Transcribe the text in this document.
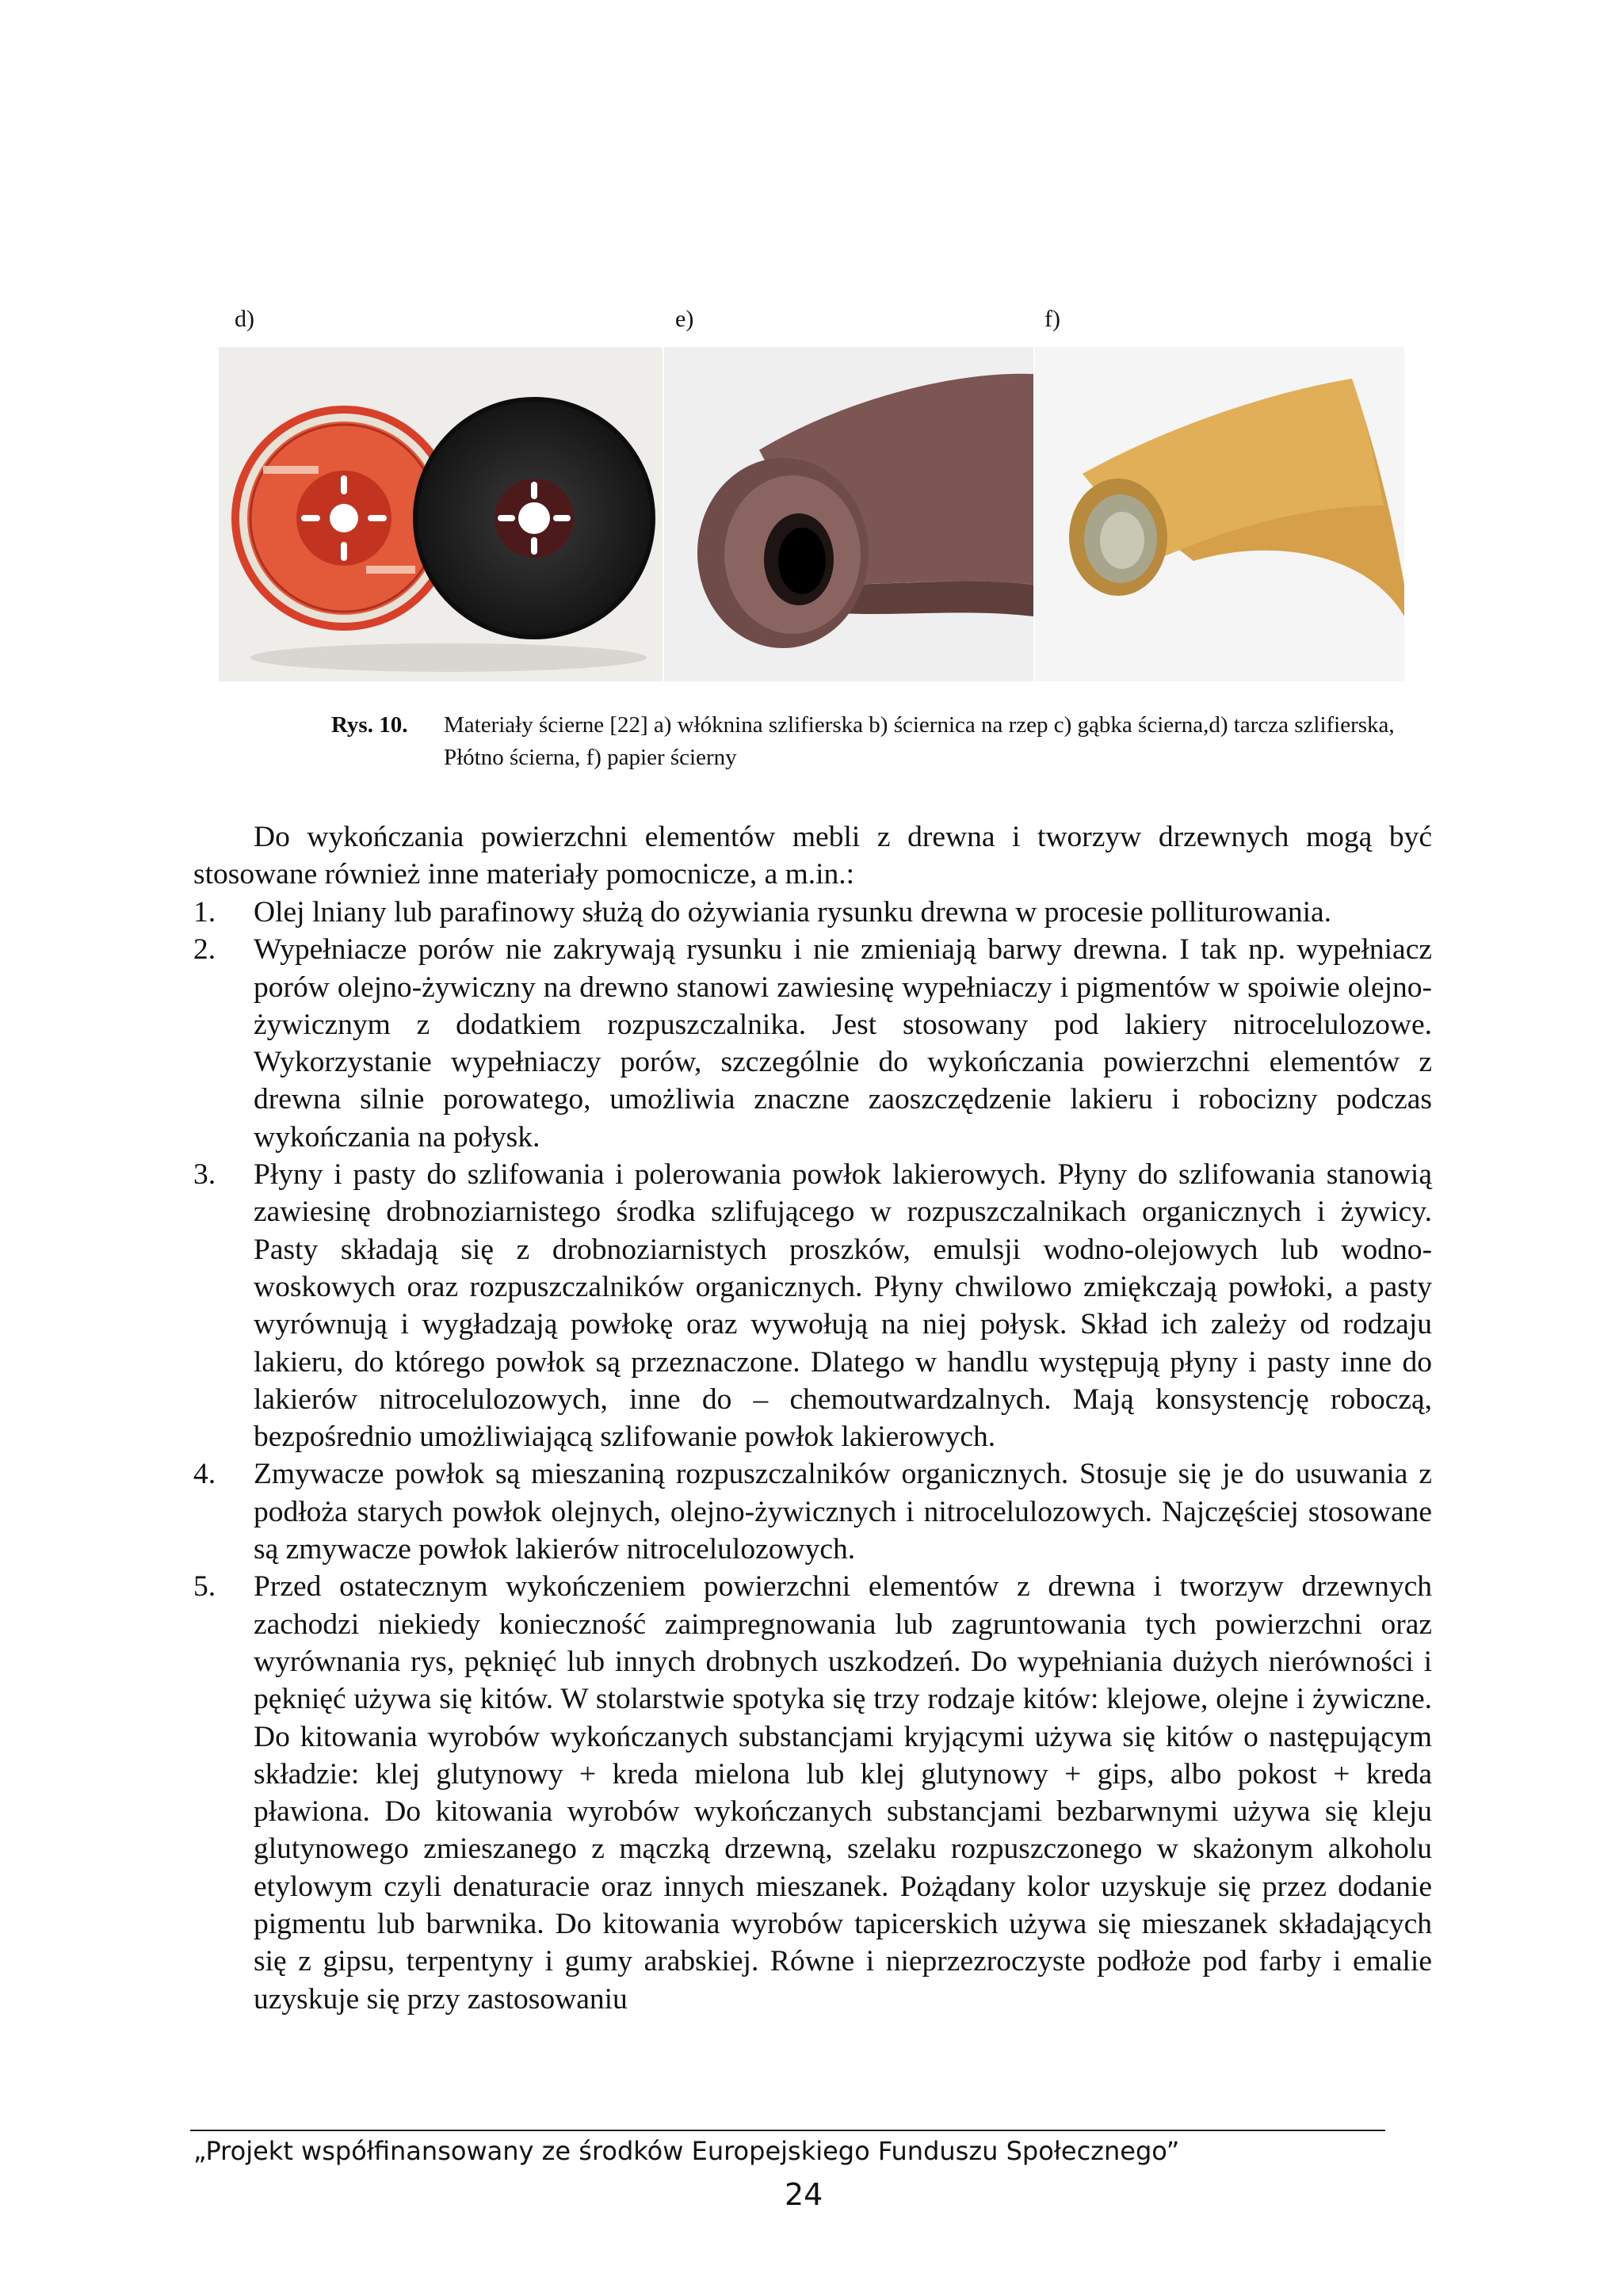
d)	e)	f)
Rys. 10. Materiały ścierne [22] a) włóknina szlifierska b) ściernica na rzep c) gąbka ścierna,d) tarcza szlifierska, Płótno ścierna, f) papier ścierny
Do wykończania powierzchni elementów mebli z drewna i tworzyw drzewnych mogą być stosowane również inne materiały pomocnicze, a m.in.:
1. Olej lniany lub parafinowy służą do ożywiania rysunku drewna w procesie polliturowania.
2. Wypełniacze porów nie zakrywają rysunku i nie zmieniają barwy drewna. I tak np. wypełniacz porów olejno-żywiczny na drewno stanowi zawiesinę wypełniaczy i pigmentów w spoiwie olejno-żywicznym z dodatkiem rozpuszczalnika. Jest stosowany pod lakiery nitrocelulozowe. Wykorzystanie wypełniaczy porów, szczególnie do wykończania powierzchni elementów z drewna silnie porowatego, umożliwia znaczne zaoszczędzenie lakieru i robocizny podczas wykończania na połysk.
3. Płyny i pasty do szlifowania i polerowania powłok lakierowych. Płyny do szlifowania stanowią zawiesinę drobnoziarnistego środka szlifującego w rozpuszczalnikach organicznych i żywicy. Pasty składają się z drobnoziarnistych proszków, emulsji wodno-olejowych lub wodno-woskowych oraz rozpuszczalników organicznych. Płyny chwilowo zmiękczają powłoki, a pasty wyrównują i wygładzają powłokę oraz wywołują na niej połysk. Skład ich zależy od rodzaju lakieru, do którego powłok są przeznaczone. Dlatego w handlu występują płyny i pasty inne do lakierów nitrocelulozowych, inne do – chemoutwardzalnych. Mają konsystencję roboczą, bezpośrednio umożliwiającą szlifowanie powłok lakierowych.
4. Zmywacze powłok są mieszaniną rozpuszczalników organicznych. Stosuje się je do usuwania z podłoża starych powłok olejnych, olejno-żywicznych i nitrocelulozowych. Najczęściej stosowane są zmywacze powłok lakierów nitrocelulozowych.
5. Przed ostatecznym wykończeniem powierzchni elementów z drewna i tworzyw drzewnych zachodzi niekiedy konieczność zaimpregnowania lub zagruntowania tych powierzchni oraz wyrównania rys, pęknięć lub innych drobnych uszkodzeń. Do wypełniania dużych nierówności i pęknięć używa się kitów. W stolarstwie spotyka się trzy rodzaje kitów: klejowe, olejne i żywiczne. Do kitowania wyrobów wykończanych substancjami kryjącymi używa się kitów o następującym składzie: klej glutynowy + kreda mielona lub klej glutynowy + gips, albo pokost + kreda pławiona. Do kitowania wyrobów wykończanych substancjami bezbarwnymi używa się kleju glutynowego zmieszanego z mączką drzewną, szelaku rozpuszczonego w skażonym alkoholu etylowym czyli denaturacie oraz innych mieszanek. Pożądany kolor uzyskuje się przez dodanie pigmentu lub barwnika. Do kitowania wyrobów tapicerskich używa się mieszanek składających się z gipsu, terpentyny i gumy arabskiej. Równe i nieprzezroczyste podłoże pod farby i emalie uzyskuje się przy zastosowaniu
„Projekt współfinansowany ze środków Europejskiego Funduszu Społecznego”
24
